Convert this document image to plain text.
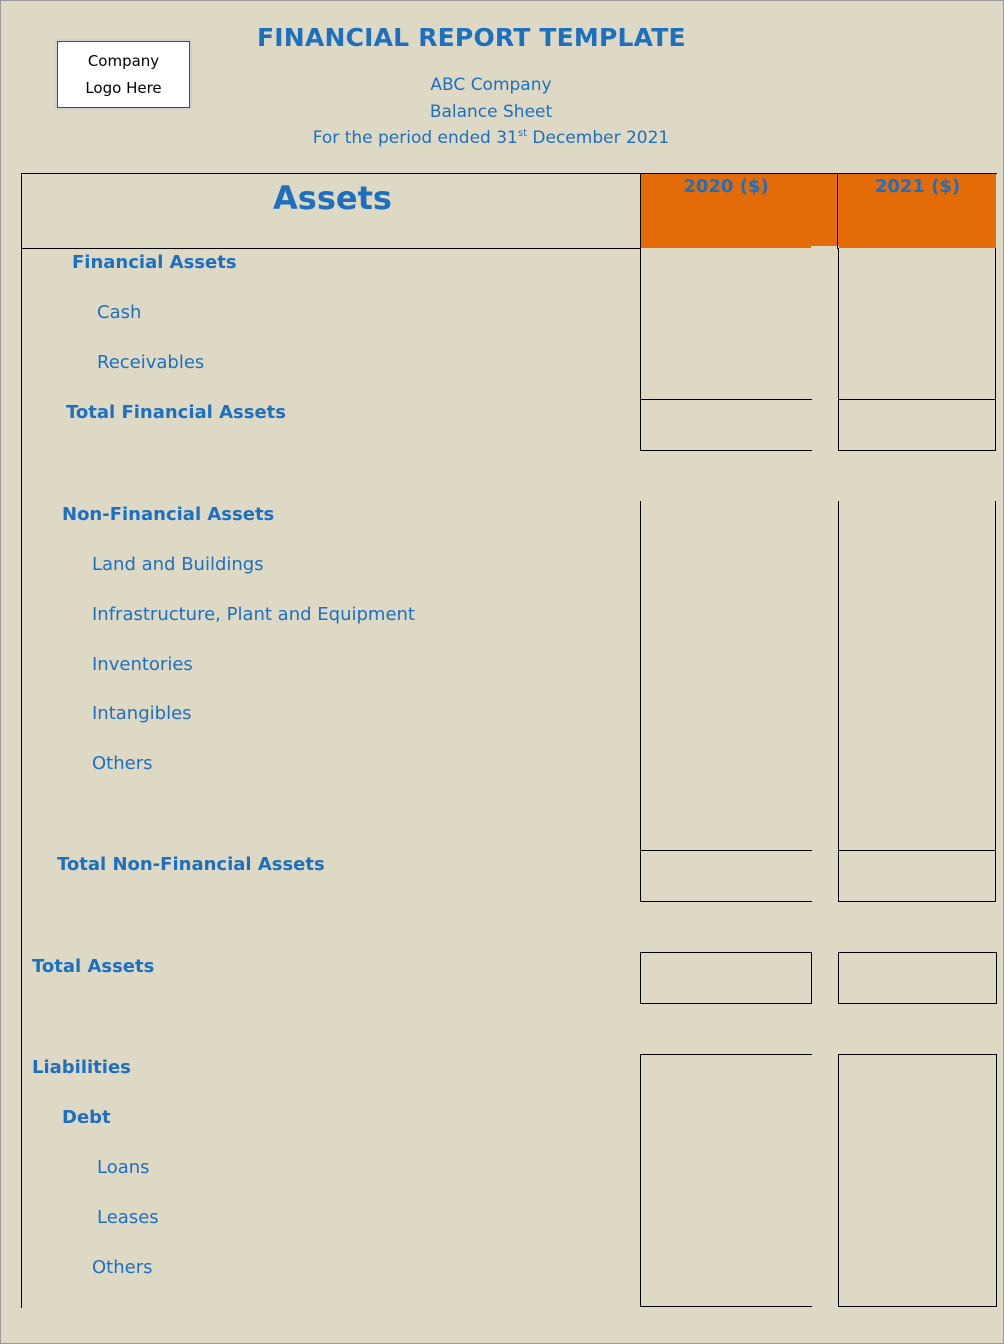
Company
Logo Here
FINANCIAL REPORT TEMPLATE
ABC Company
Balance Sheet
For the period ended 31st December 2021
2020 ($)	2021 ($)
Assets
Financial Assets
Cash
Receivables
Total Financial Assets
Non-Financial Assets
Land and Buildings
Infrastructure, Plant and Equipment
Inventories
Intangibles
Others
Total Non-Financial Assets
Total Assets
Liabilities
Debt
Loans
Leases
Others
